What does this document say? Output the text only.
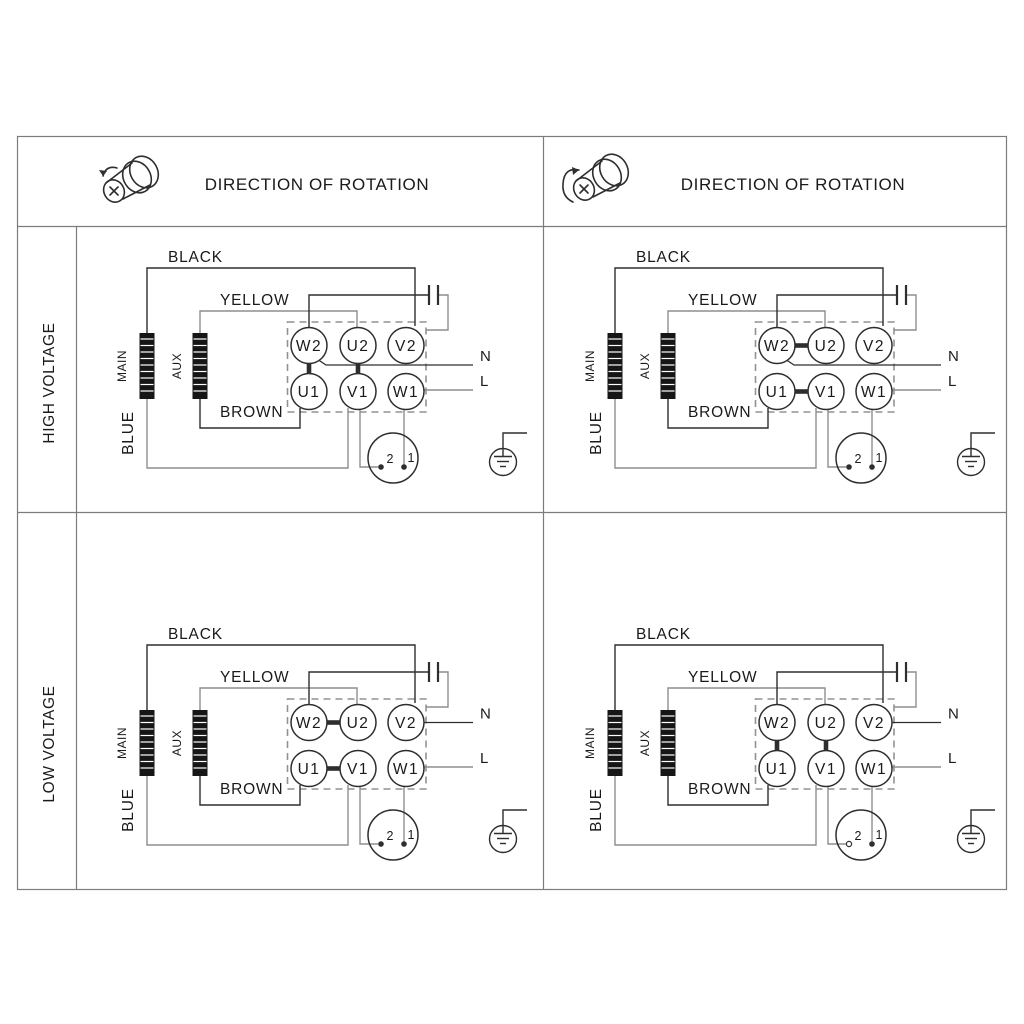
DIRECTION OF ROTATION	DIRECTION OF ROTATION
HIGH VOLTAGE
LOW VOLTAGE
W2 U2 V2
U1 V1 W1
MAIN	AUX
2 1
BLACK
YELLOW
BROWN
BLUE
N
L
W2 U2 V2
U1 V1 W1
MAIN	AUX
2 1
BLACK
YELLOW
BROWN
BLUE
N
L
W2 U2 V2
U1 V1 W1
MAIN	AUX
2 1
BLACK
YELLOW
BROWN
BLUE
N
L
W2 U2 V2
U1 V1 W1
MAIN	AUX
2 1
BLACK
YELLOW
BROWN
BLUE
N
L
